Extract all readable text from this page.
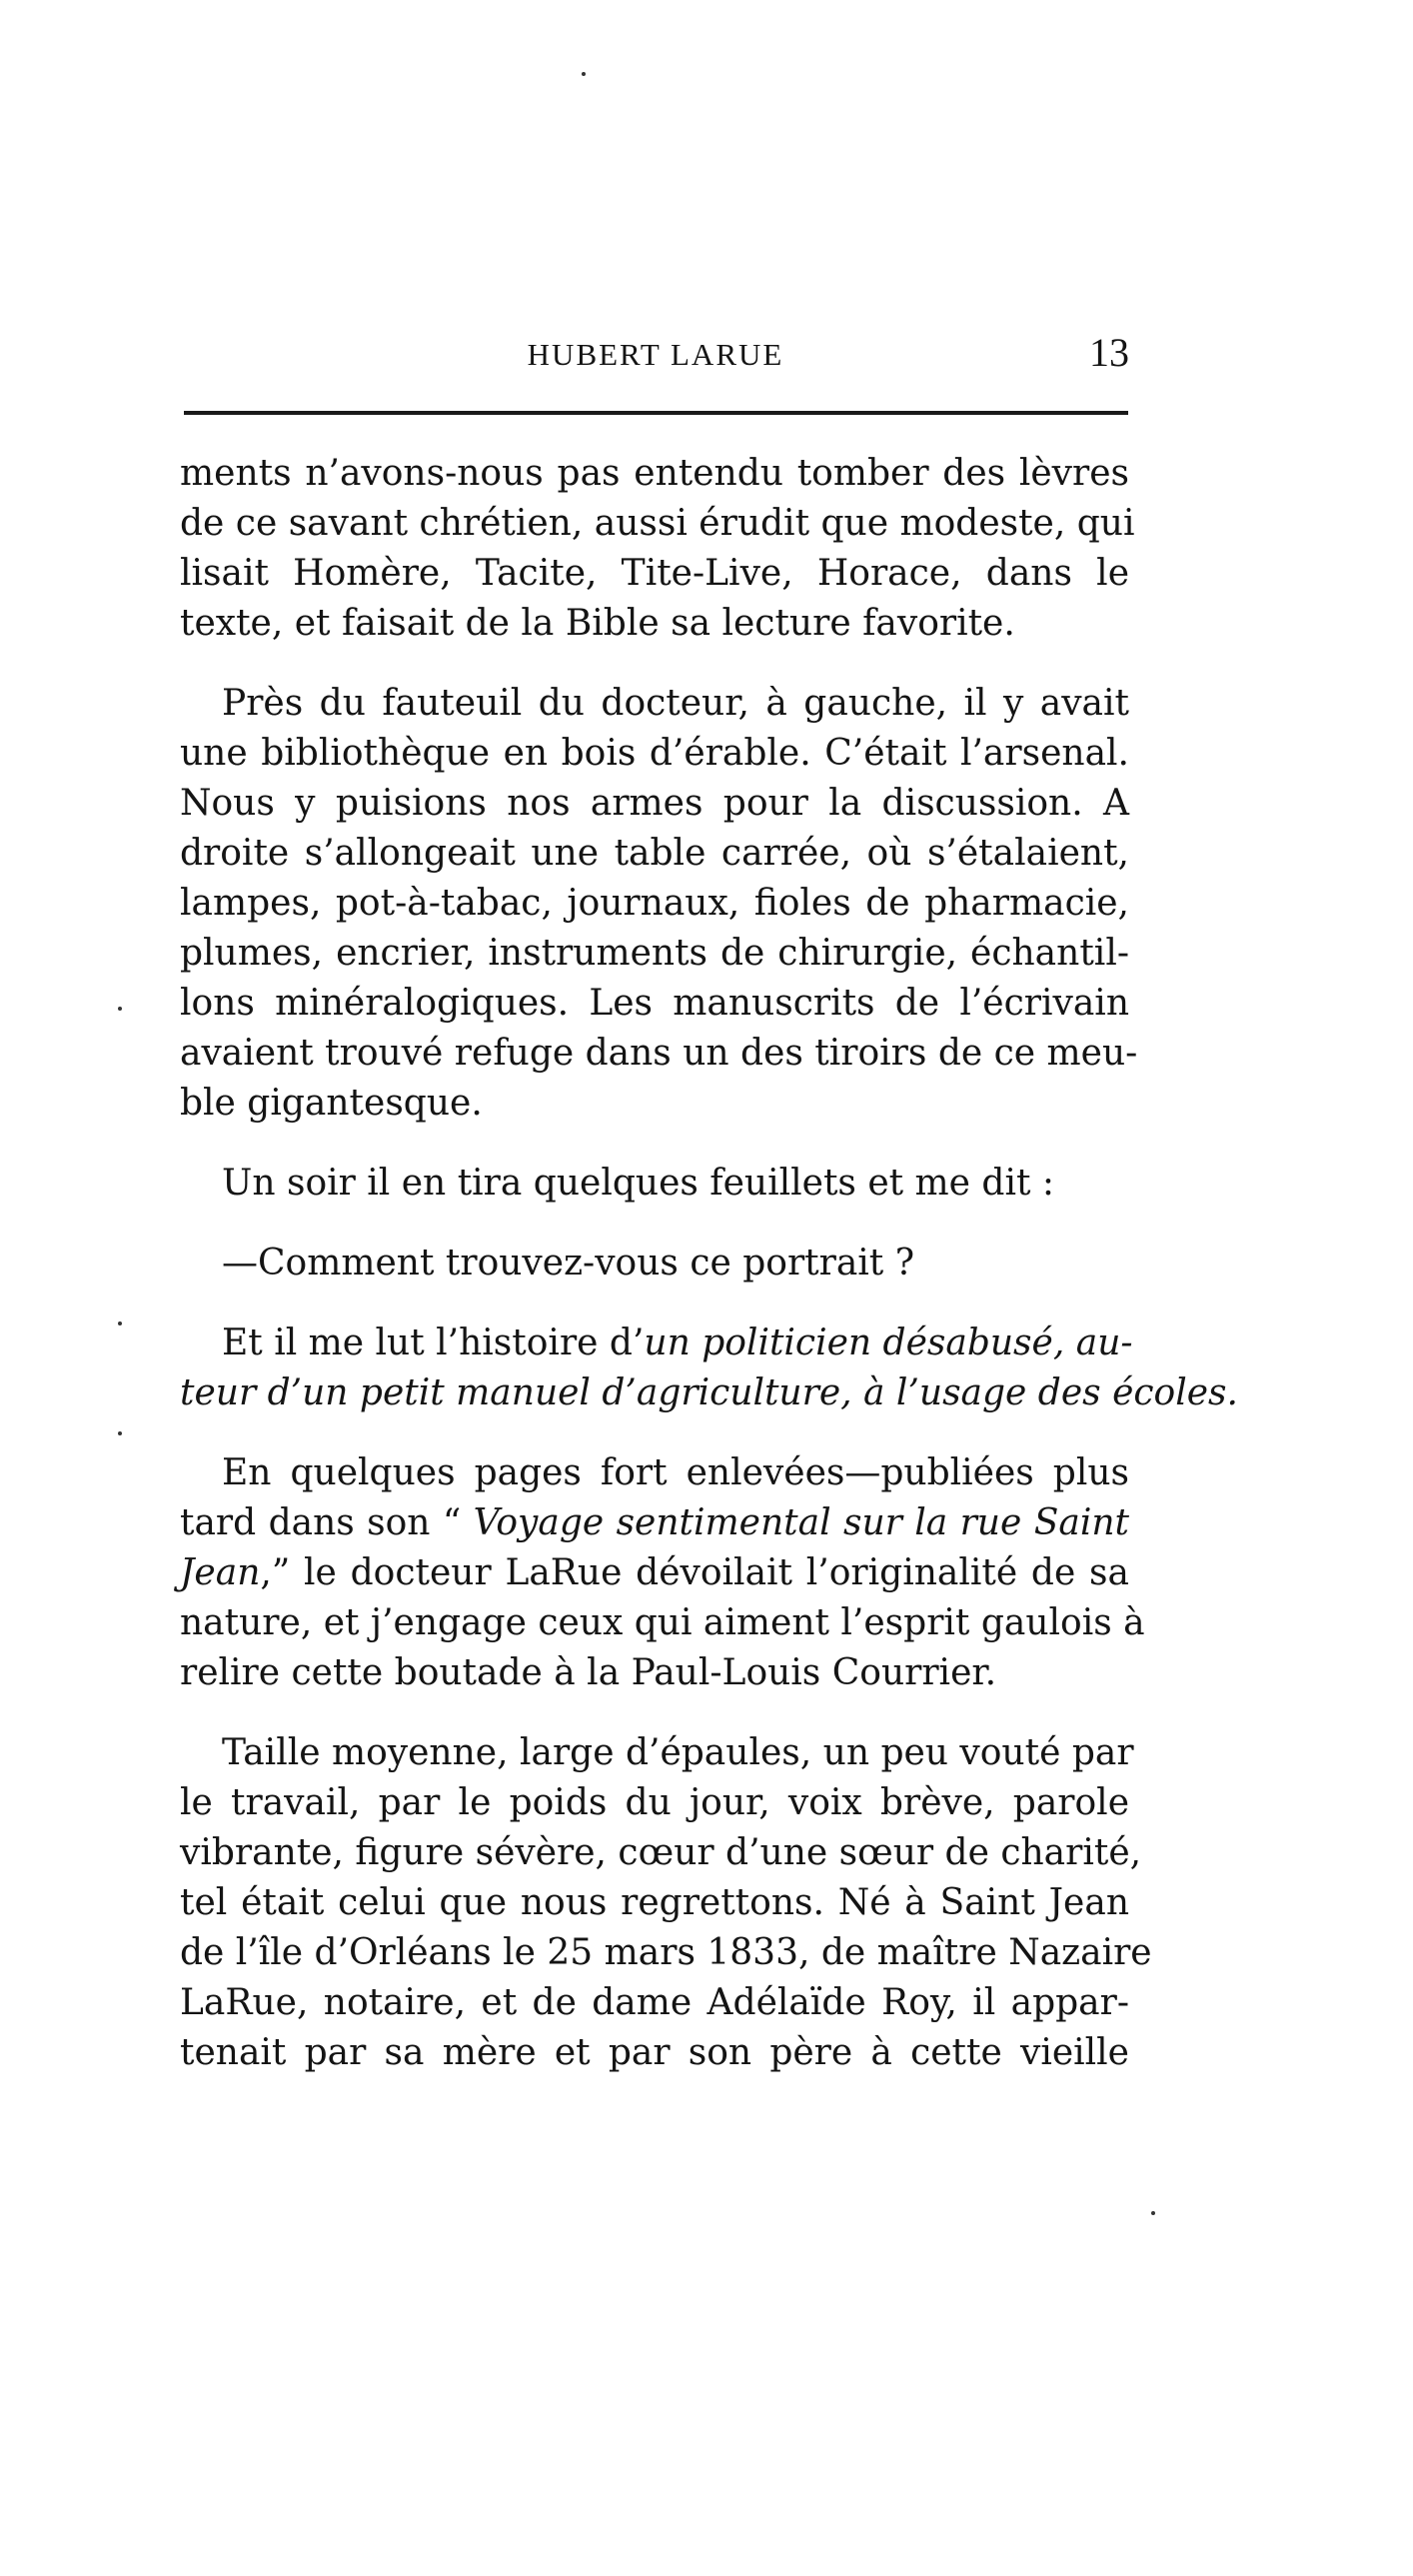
HUBERT LARUE	13
ments n’avons-nous pas entendu tomber des lèvres
de ce savant chrétien, aussi érudit que modeste, qui
lisait Homère, Tacite, Tite-Live, Horace, dans le
texte, et faisait de la Bible sa lecture favorite.
Près du fauteuil du docteur, à gauche, il y avait
une bibliothèque en bois d’érable. C’était l’arsenal.
Nous y puisions nos armes pour la discussion. A
droite s’allongeait une table carrée, où s’étalaient,
lampes, pot-à-tabac, journaux, fioles de pharmacie,
plumes, encrier, instruments de chirurgie, échantil-
lons minéralogiques. Les manuscrits de l’écrivain
avaient trouvé refuge dans un des tiroirs de ce meu-
ble gigantesque.
Un soir il en tira quelques feuillets et me dit :
—Comment trouvez-vous ce portrait ?
Et il me lut l’histoire d’un politicien désabusé, au-
teur d’un petit manuel d’agriculture, à l’usage des écoles.
En quelques pages fort enlevées—publiées plus
tard dans son “ Voyage sentimental sur la rue Saint
Jean,” le docteur LaRue dévoilait l’originalité de sa
nature, et j’engage ceux qui aiment l’esprit gaulois à
relire cette boutade à la Paul-Louis Courrier.
Taille moyenne, large d’épaules, un peu vouté par
le travail, par le poids du jour, voix brève, parole
vibrante, figure sévère, cœur d’une sœur de charité,
tel était celui que nous regrettons. Né à Saint Jean
de l’île d’Orléans le 25 mars 1833, de maître Nazaire
LaRue, notaire, et de dame Adélaïde Roy, il appar-
tenait par sa mère et par son père à cette vieille
